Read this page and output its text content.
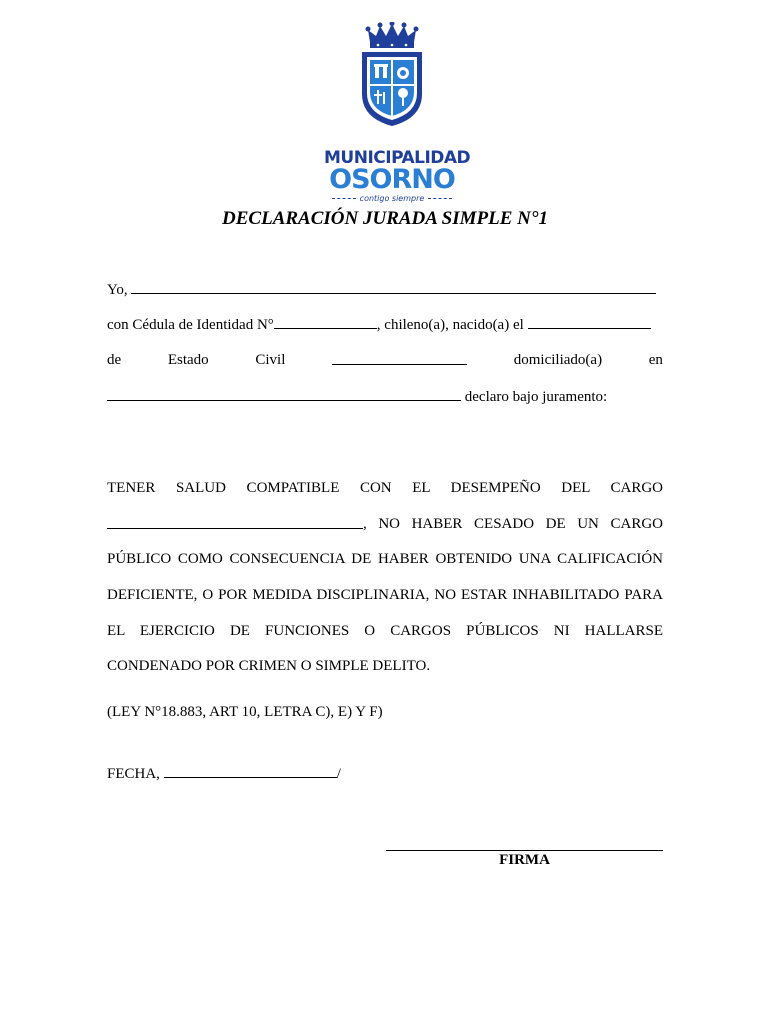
MUNICIPALIDAD
OSORNO
contigo siempre
DECLARACIÓN JURADA SIMPLE N°1
Yo,
con Cédula de Identidad N°	, chileno(a), nacido(a) el
de	Estado	Civil	domiciliado(a)	en
declaro bajo juramento:
TENER SALUD COMPATIBLE CON EL DESEMPEÑO DEL CARGO
, NO HABER CESADO DE UN CARGO
PÚBLICO COMO CONSECUENCIA DE HABER OBTENIDO UNA CALIFICACIÓN
DEFICIENTE, O POR MEDIDA DISCIPLINARIA, NO ESTAR INHABILITADO PARA
EL EJERCICIO DE FUNCIONES O CARGOS PÚBLICOS NI HALLARSE
CONDENADO POR CRIMEN O SIMPLE DELITO.
(LEY N°18.883, ART 10, LETRA C), E) Y F)
FECHA,	/
FIRMA
